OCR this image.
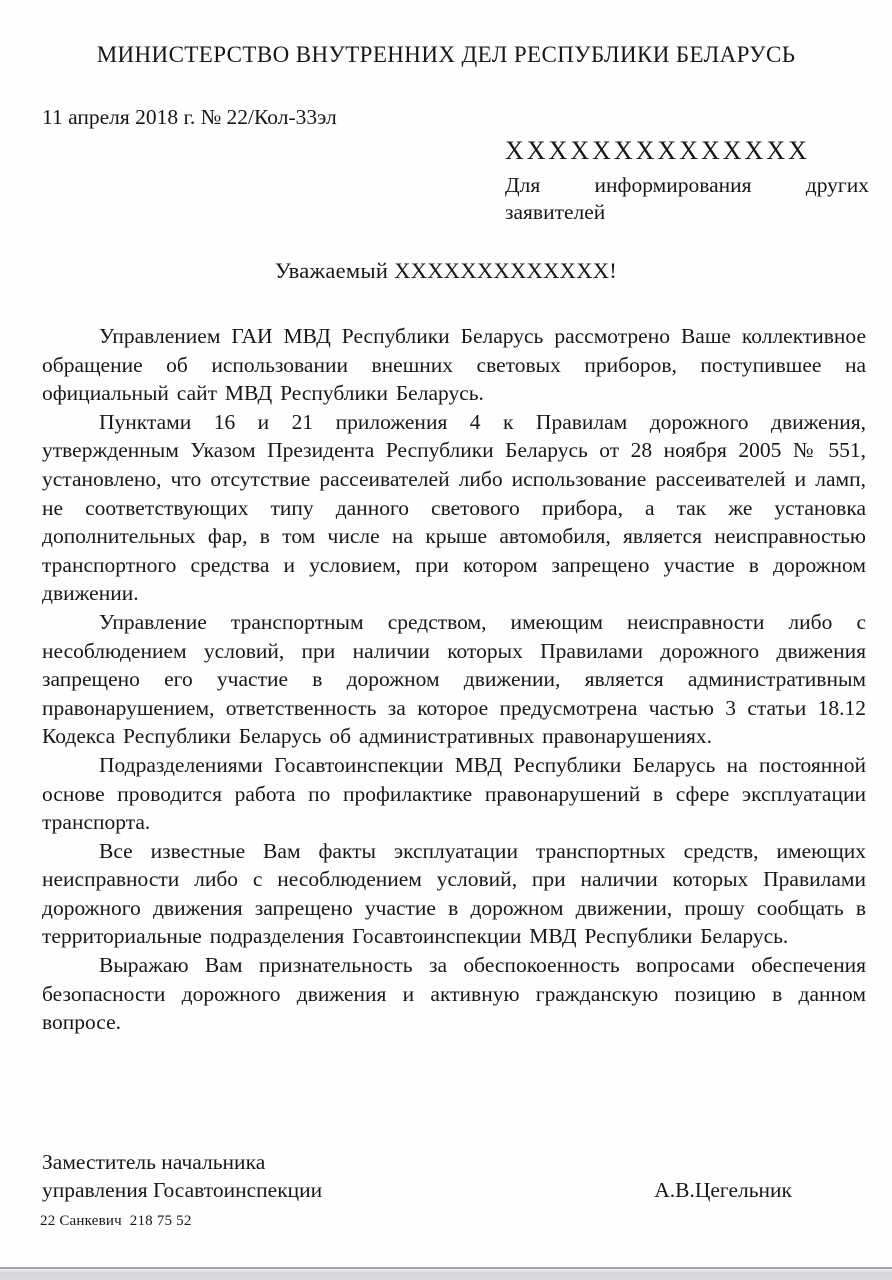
МИНИСТЕРСТВО ВНУТРЕННИХ ДЕЛ РЕСПУБЛИКИ БЕЛАРУСЬ
11 апреля 2018 г. № 22/Кол-33эл
ХХХХХХХХХХХХХХ
Для информирования других заявителей
Уважаемый ХХХХХХХХХХХХХ!

Управлением ГАИ МВД Республики Беларусь рассмотрено Ваше коллективное обращение об использовании внешних световых приборов, поступившее на официальный сайт МВД Республики Беларусь.

Пунктами 16 и 21 приложения 4 к Правилам дорожного движения, утвержденным Указом Президента Республики Беларусь от 28 ноября 2005 № 551, установлено, что отсутствие рассеивателей либо использование рассеивателей и ламп, не соответствующих типу данного светового прибора, а так же установка дополнительных фар, в том числе на крыше автомобиля, является неисправностью транспортного средства и условием, при котором запрещено участие в дорожном движении.

Управление транспортным средством, имеющим неисправности либо с несоблюдением условий, при наличии которых Правилами дорожного движения запрещено его участие в дорожном движении, является административным правонарушением, ответственность за которое предусмотрена частью 3 статьи 18.12 Кодекса Республики Беларусь об административных правонарушениях.

Подразделениями Госавтоинспекции МВД Республики Беларусь на постоянной основе проводится работа по профилактике правонарушений в сфере эксплуатации транспорта.

Все известные Вам факты эксплуатации транспортных средств, имеющих неисправности либо с несоблюдением условий, при наличии которых Правилами дорожного движения запрещено участие в дорожном движении, прошу сообщать в территориальные подразделения Госавтоинспекции МВД Республики Беларусь.

Выражаю Вам признательность за обеспокоенность вопросами обеспечения безопасности дорожного движения и активную гражданскую позицию в данном вопросе.

Заместитель начальника
управления Госавтоинспекции	А.В.Цегельник
22 Санкевич  218 75 52
